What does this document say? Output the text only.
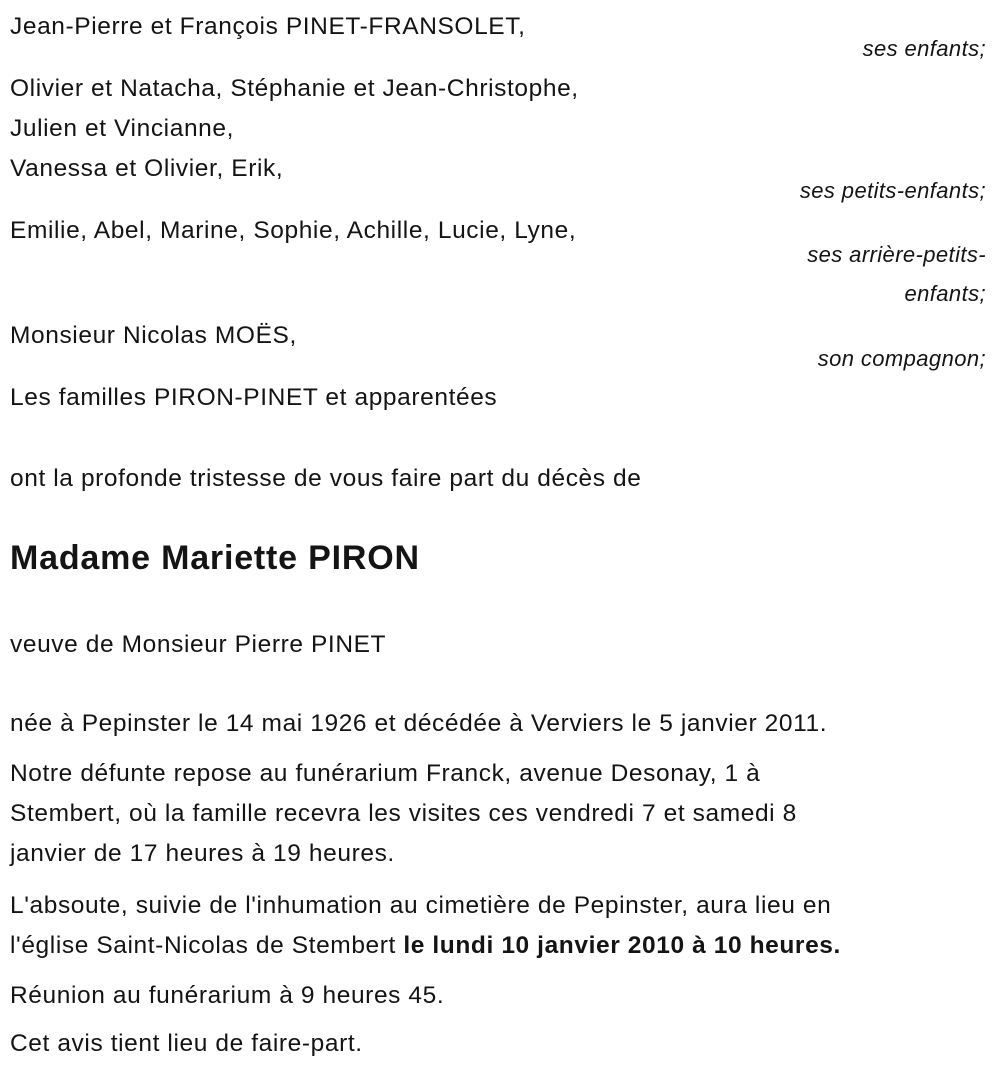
Jean-Pierre et François PINET-FRANSOLET,
ses enfants;
Olivier et Natacha, Stéphanie et Jean-Christophe,
Julien et Vincianne,
Vanessa et Olivier, Erik,
ses petits-enfants;
Emilie, Abel, Marine, Sophie, Achille, Lucie, Lyne,
ses arrière-petits-
enfants;
Monsieur Nicolas MOËS,
son compagnon;
Les familles PIRON-PINET et apparentées
ont la profonde tristesse de vous faire part du décès de
Madame Mariette PIRON
veuve de Monsieur Pierre PINET
née à Pepinster le 14 mai 1926 et décédée à Verviers le 5 janvier 2011.
Notre défunte repose au funérarium Franck, avenue Desonay, 1 à
Stembert, où la famille recevra les visites ces vendredi 7 et samedi 8
janvier de 17 heures à 19 heures.
L'absoute, suivie de l'inhumation au cimetière de Pepinster, aura lieu en
l'église Saint-Nicolas de Stembert le lundi 10 janvier 2010 à 10 heures.
Réunion au funérarium à 9 heures 45.
Cet avis tient lieu de faire-part.
